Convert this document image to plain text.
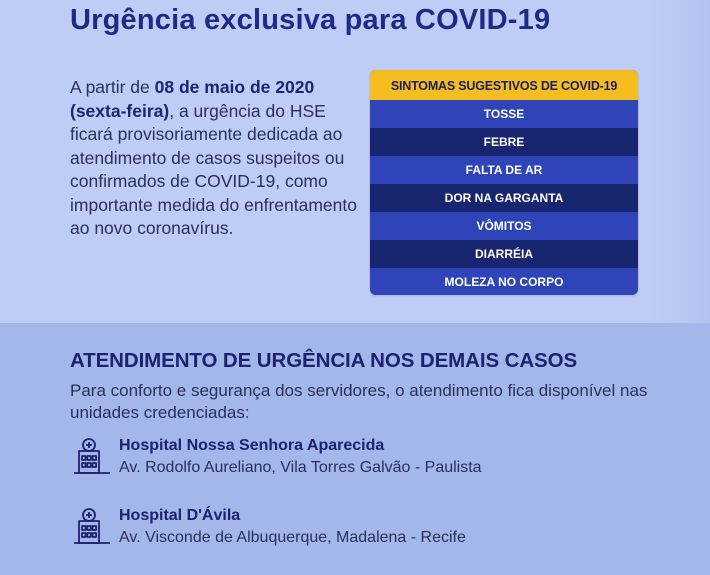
Urgência exclusiva para COVID-19

A partir de 08 de maio de 2020 (sexta-feira), a urgência do HSE ficará provisoriamente dedicada ao atendimento de casos suspeitos ou confirmados de COVID-19, como importante medida do enfrentamento ao novo coronavírus.

SINTOMAS SUGESTIVOS DE COVID-19
TOSSE
FEBRE
FALTA DE AR
DOR NA GARGANTA
VÔMITOS
DIARRÉIA
MOLEZA NO CORPO
ATENDIMENTO DE URGÊNCIA NOS DEMAIS CASOS

Para conforto e segurança dos servidores, o atendimento fica disponível nas unidades credenciadas:

Hospital Nossa Senhora Aparecida
Av. Rodolfo Aureliano, Vila Torres Galvão - Paulista
Hospital D'Ávila
Av. Visconde de Albuquerque, Madalena - Recife
